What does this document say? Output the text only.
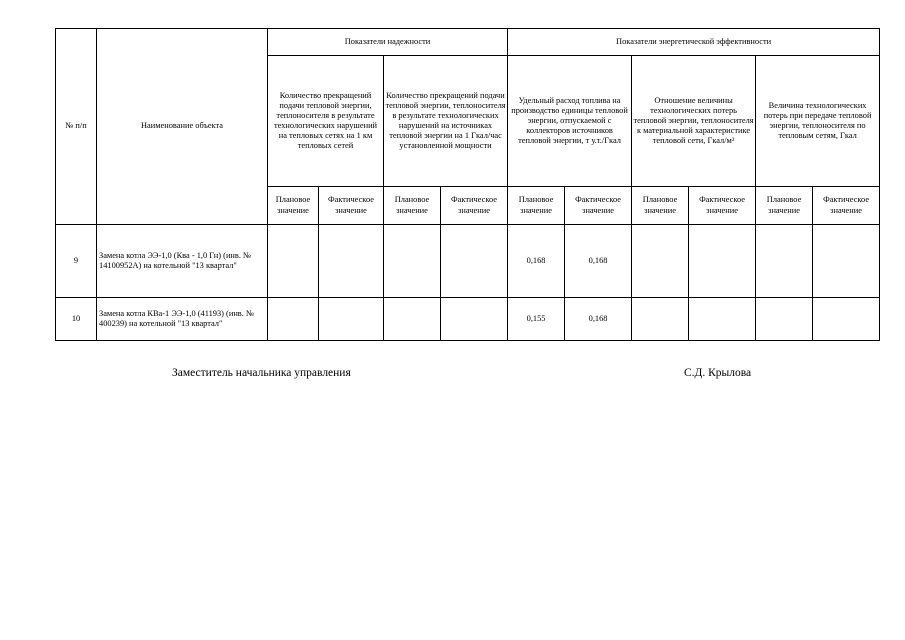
№ п/п	Наименование объекта	Показатели надежности				Показатели энергетической эффективности					
		Количество прекращений подачи тепловой энергии, теплоносителя в результате технологических нарушений на тепловых сетях на 1 км тепловых сетей		Количество прекращений подачи тепловой энергии, теплоносителя в результате технологических нарушений на источниках тепловой энергии на 1 Гкал/час установленной мощности		Удельный расход топлива на производство единицы тепловой энергии, отпускаемой с коллекторов источников тепловой энергии, т у.т./Гкал		Отношение величины технологических потерь тепловой энергии, теплоносителя к материальной характеристике тепловой сети, Гкал/м²		Величина технологических потерь при передаче тепловой энергии, теплоносителя по тепловым сетям, Гкал	
		Плановое значение	Фактическое значение	Плановое значение	Фактическое значение	Плановое значение	Фактическое значение	Плановое значение	Фактическое значение	Плановое значение	Фактическое значение
9	Замена котла ЭЭ-1,0 (Ква - 1,0 Гн) (инв. № 14100952А) на котельной "13 квартал"					0,168	0,168				
10	Замена котла КВа-1 ЭЭ-1,0 (41193) (инв. № 400239) на котельной "13 квартал"					0,155	0,168				
Заместитель начальника управления	С.Д. Крылова
